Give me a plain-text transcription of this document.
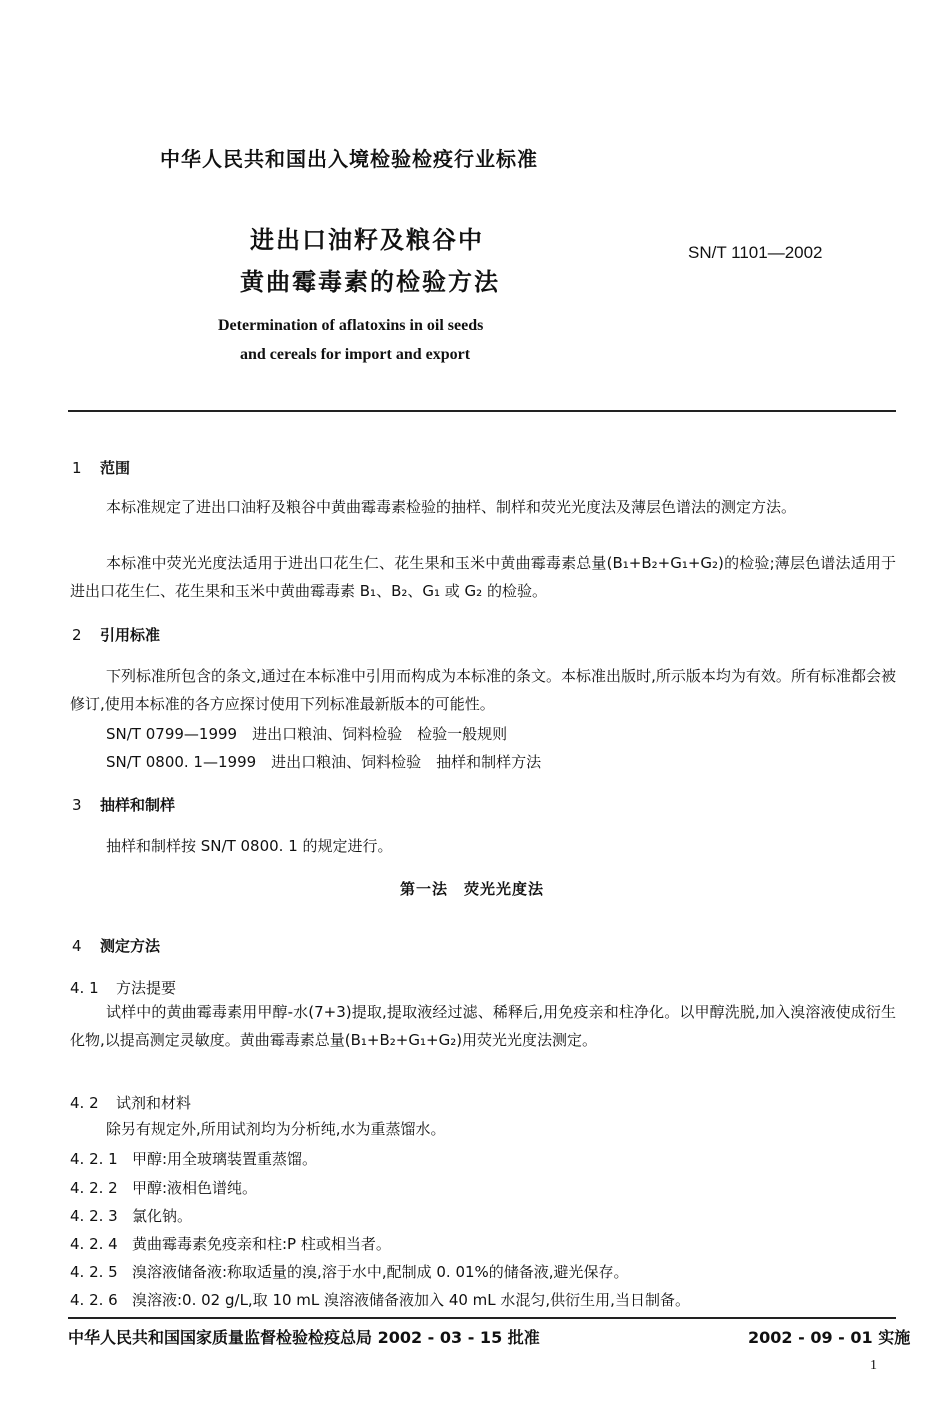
中华人民共和国出入境检验检疫行业标准
进出口油籽及粮谷中
黄曲霉毒素的检验方法
SN/T 1101—2002
Determination of aflatoxins in oil seeds
and cereals for import and export
1 范围
本标准规定了进出口油籽及粮谷中黄曲霉毒素检验的抽样、制样和荧光光度法及薄层色谱法的测定方法。
本标准中荧光光度法适用于进出口花生仁、花生果和玉米中黄曲霉毒素总量(B₁+B₂+G₁+G₂)的检验;薄层色谱法适用于进出口花生仁、花生果和玉米中黄曲霉毒素 B₁、B₂、G₁ 或 G₂ 的检验。
2 引用标准
下列标准所包含的条文,通过在本标准中引用而构成为本标准的条文。本标准出版时,所示版本均为有效。所有标准都会被修订,使用本标准的各方应探讨使用下列标准最新版本的可能性。
SN/T 0799—1999　进出口粮油、饲料检验　检验一般规则
SN/T 0800. 1—1999　进出口粮油、饲料检验　抽样和制样方法
3 抽样和制样
抽样和制样按 SN/T 0800. 1 的规定进行。
第一法　荧光光度法
4 测定方法
4. 1 方法提要
试样中的黄曲霉毒素用甲醇-水(7+3)提取,提取液经过滤、稀释后,用免疫亲和柱净化。以甲醇洗脱,加入溴溶液使成衍生化物,以提高测定灵敏度。黄曲霉毒素总量(B₁+B₂+G₁+G₂)用荧光光度法测定。
4. 2 试剂和材料
除另有规定外,所用试剂均为分析纯,水为重蒸馏水。
4. 2. 1 甲醇:用全玻璃装置重蒸馏。
4. 2. 2 甲醇:液相色谱纯。
4. 2. 3 氯化钠。
4. 2. 4 黄曲霉毒素免疫亲和柱:P 柱或相当者。
4. 2. 5 溴溶液储备液:称取适量的溴,溶于水中,配制成 0. 01%的储备液,避光保存。
4. 2. 6 溴溶液:0. 02 g/L,取 10 mL 溴溶液储备液加入 40 mL 水混匀,供衍生用,当日制备。
中华人民共和国国家质量监督检验检疫总局 2002 - 03 - 15 批准	2002 - 09 - 01 实施
1
